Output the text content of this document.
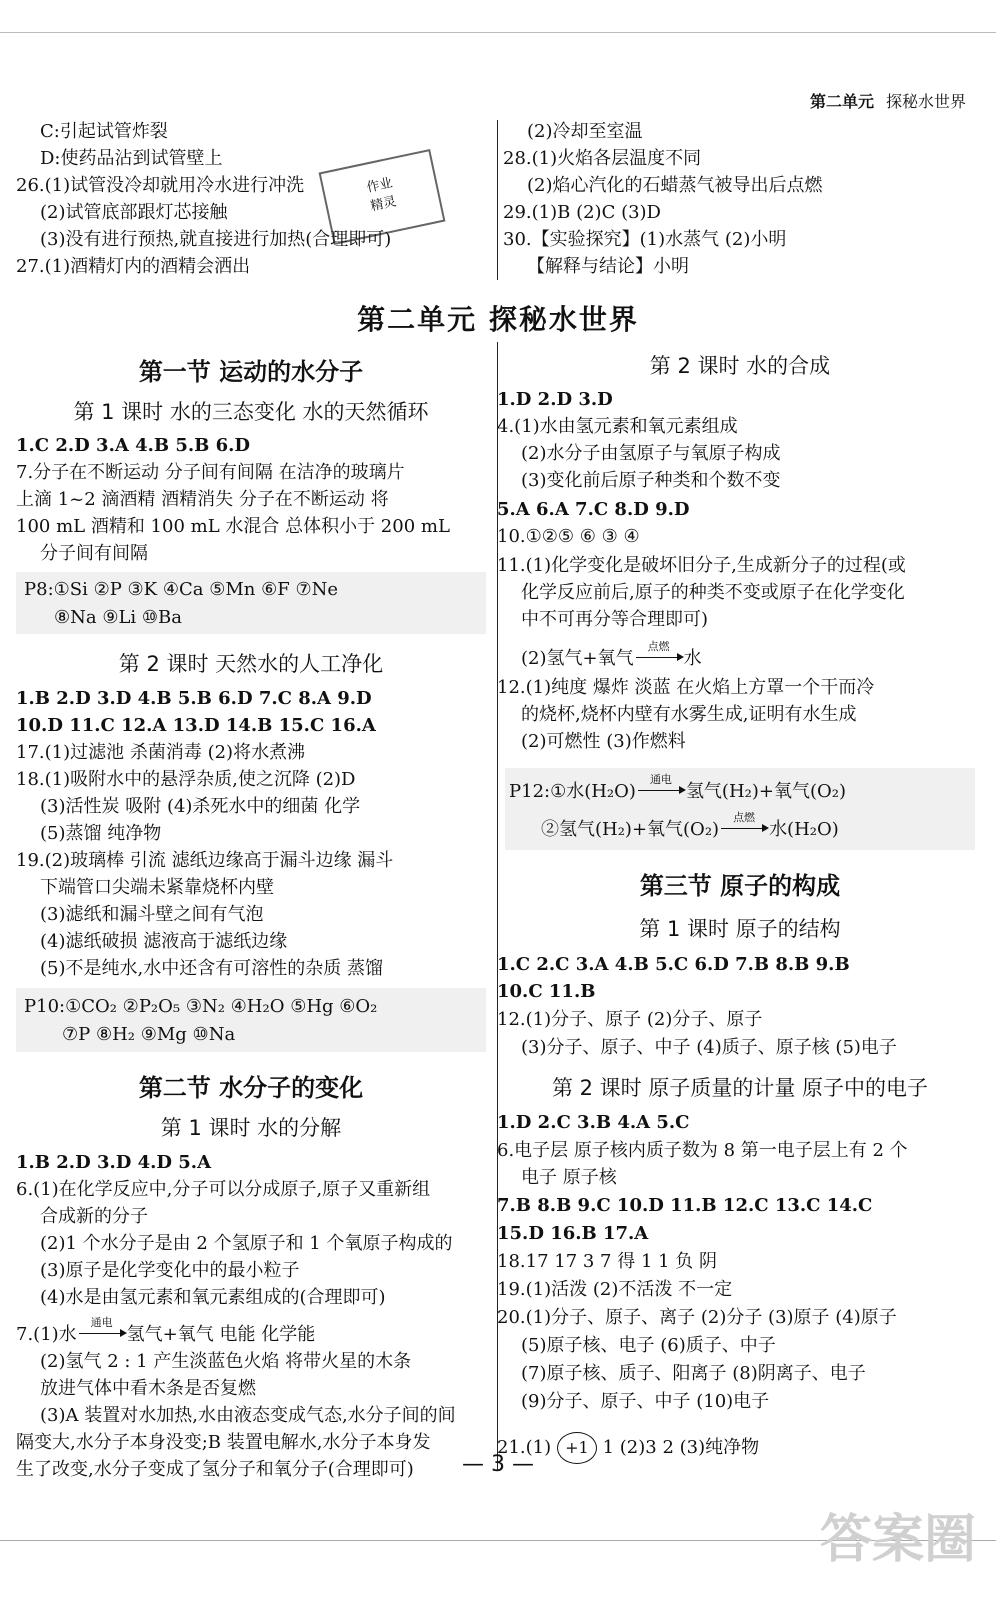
第二单元 探秘水世界
作业
精灵
C:引起试管炸裂
D:使药品沾到试管壁上
26.(1)试管没冷却就用冷水进行冲洗
(2)试管底部跟灯芯接触
(3)没有进行预热,就直接进行加热(合理即可)
27.(1)酒精灯内的酒精会洒出
(2)冷却至室温
28.(1)火焰各层温度不同
(2)焰心汽化的石蜡蒸气被导出后点燃
29.(1)B (2)C (3)D
30.【实验探究】(1)水蒸气 (2)小明
【解释与结论】小明
第二单元 探秘水世界
第一节 运动的水分子
第 1 课时 水的三态变化 水的天然循环
1.C 2.D 3.A 4.B 5.B 6.D
7.分子在不断运动 分子间有间隔 在洁净的玻璃片
上滴 1~2 滴酒精 酒精消失 分子在不断运动 将
100 mL 酒精和 100 mL 水混合 总体积小于 200 mL
分子间有间隔
P8:①Si ②P ③K ④Ca ⑤Mn ⑥F ⑦Ne
⑧Na ⑨Li ⑩Ba
第 2 课时 天然水的人工净化
1.B 2.D 3.D 4.B 5.B 6.D 7.C 8.A 9.D
10.D 11.C 12.A 13.D 14.B 15.C 16.A
17.(1)过滤池 杀菌消毒 (2)将水煮沸
18.(1)吸附水中的悬浮杂质,使之沉降 (2)D
(3)活性炭 吸附 (4)杀死水中的细菌 化学
(5)蒸馏 纯净物
19.(2)玻璃棒 引流 滤纸边缘高于漏斗边缘 漏斗
下端管口尖端未紧靠烧杯内壁
(3)滤纸和漏斗壁之间有气泡
(4)滤纸破损 滤液高于滤纸边缘
(5)不是纯水,水中还含有可溶性的杂质 蒸馏
P10:①CO₂ ②P₂O₅ ③N₂ ④H₂O ⑤Hg ⑥O₂
⑦P ⑧H₂ ⑨Mg ⑩Na
第二节 水分子的变化
第 1 课时 水的分解
1.B 2.D 3.D 4.D 5.A
6.(1)在化学反应中,分子可以分成原子,原子又重新组
合成新的分子
(2)1 个水分子是由 2 个氢原子和 1 个氧原子构成的
(3)原子是化学变化中的最小粒子
(4)水是由氢元素和氧元素组成的(合理即可)
7.(1)水
通电
氢气+氧气 电能 化学能
(2)氢气 2 : 1 产生淡蓝色火焰 将带火星的木条
放进气体中看木条是否复燃
(3)A 装置对水加热,水由液态变成气态,水分子间的间
隔变大,水分子本身没变;B 装置电解水,水分子本身发
生了改变,水分子变成了氢分子和氧分子(合理即可)
第 2 课时 水的合成
1.D 2.D 3.D
4.(1)水由氢元素和氧元素组成
(2)水分子由氢原子与氧原子构成
(3)变化前后原子种类和个数不变
5.A 6.A 7.C 8.D 9.D
10.①②⑤ ⑥ ③ ④
11.(1)化学变化是破坏旧分子,生成新分子的过程(或
化学反应前后,原子的种类不变或原子在化学变化
中不可再分等合理即可)
(2)氢气+氧气
点燃
水
12.(1)纯度 爆炸 淡蓝 在火焰上方罩一个干而冷
的烧杯,烧杯内壁有水雾生成,证明有水生成
(2)可燃性 (3)作燃料
P12:①水(H₂O)
通电
氢气(H₂)+氧气(O₂)
②氢气(H₂)+氧气(O₂)
点燃
水(H₂O)
第三节 原子的构成
第 1 课时 原子的结构
1.C 2.C 3.A 4.B 5.C 6.D 7.B 8.B 9.B
10.C 11.B
12.(1)分子、原子 (2)分子、原子
(3)分子、原子、中子 (4)质子、原子核 (5)电子
第 2 课时 原子质量的计量 原子中的电子
1.D 2.C 3.B 4.A 5.C
6.电子层 原子核内质子数为 8 第一电子层上有 2 个
电子 原子核
7.B 8.B 9.C 10.D 11.B 12.C 13.C 14.C
15.D 16.B 17.A
18.17 17 3 7 得 1 1 负 阴
19.(1)活泼 (2)不活泼 不一定
20.(1)分子、原子、离子 (2)分子 (3)原子 (4)原子
(5)原子核、电子 (6)质子、中子
(7)原子核、质子、阳离子 (8)阴离子、电子
(9)分子、原子、中子 (10)电子
21.(1) +1 1 (2)3 2 (3)纯净物
— 3 —
答案圈
